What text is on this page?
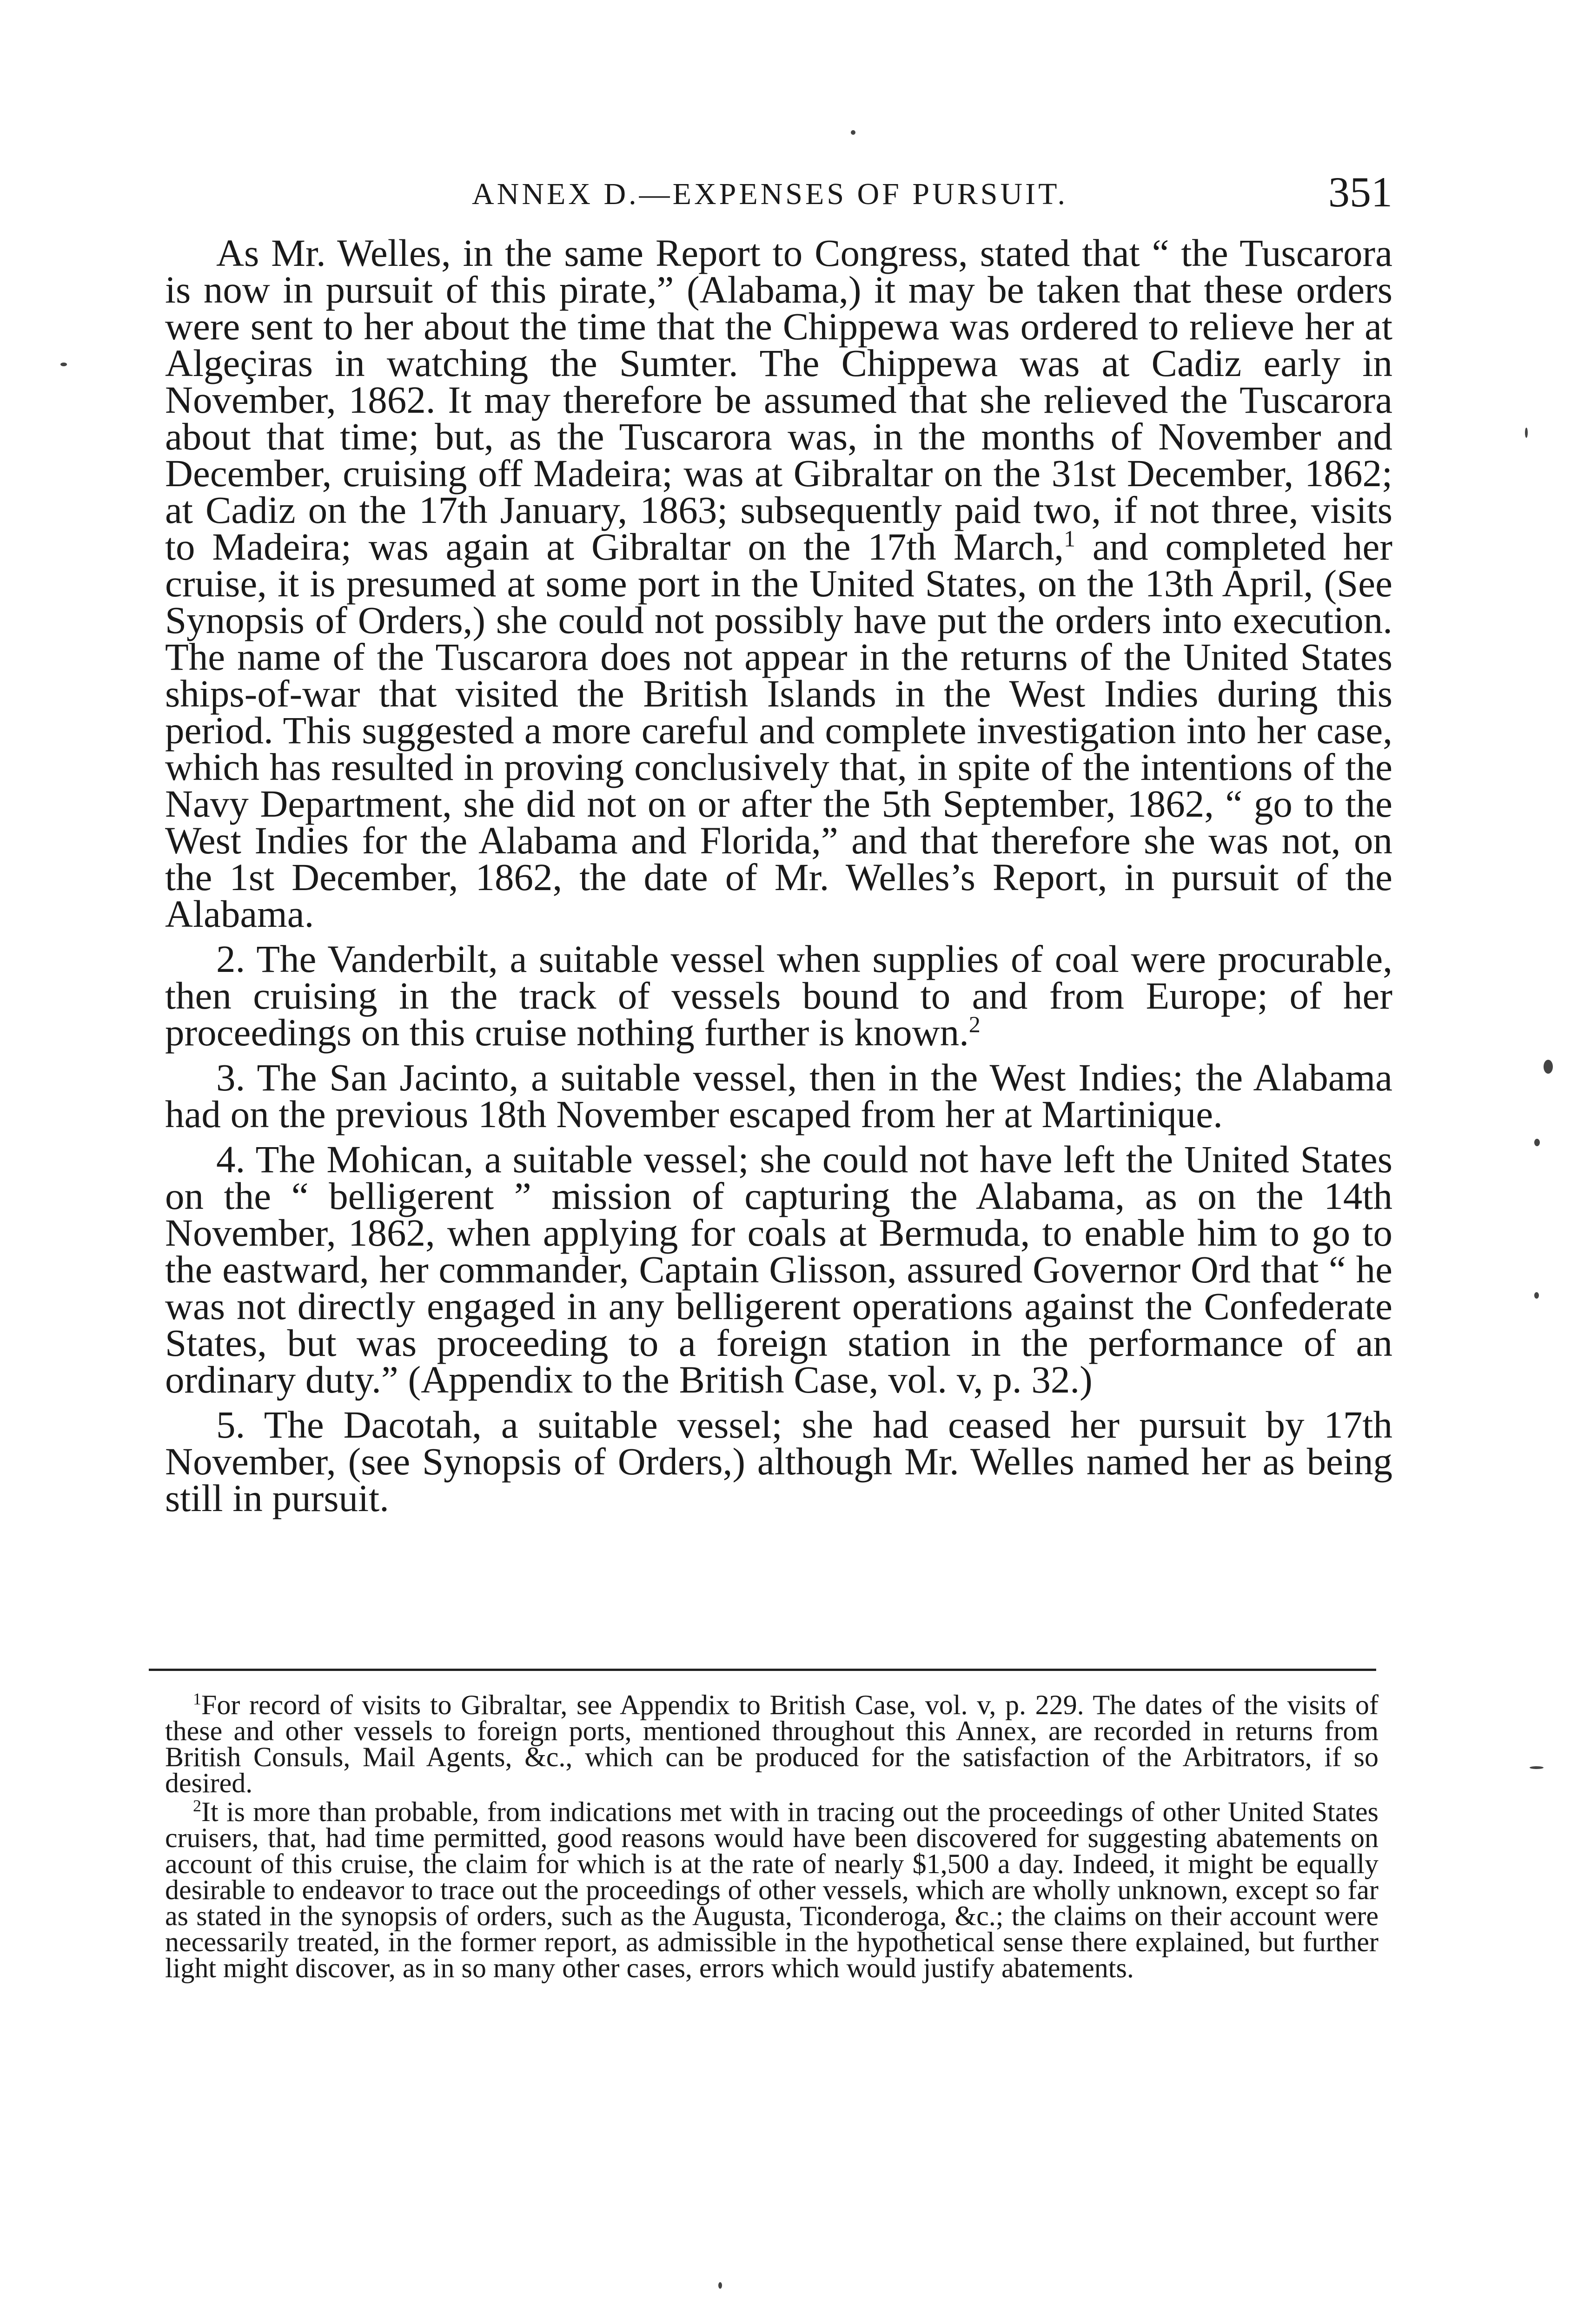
ANNEX D.—EXPENSES OF PURSUIT.	351

As Mr. Welles, in the same Report to Congress, stated that “ the Tuscarora is now in pursuit of this pirate,” (Alabama,) it may be taken that these orders were sent to her about the time that the Chippewa was ordered to relieve her at Algeçiras in watching the Sumter. The Chippewa was at Cadiz early in November, 1862. It may therefore be assumed that she relieved the Tuscarora about that time; but, as the Tuscarora was, in the months of November and December, cruising off Madeira; was at Gibraltar on the 31st December, 1862; at Cadiz on the 17th January, 1863; subsequently paid two, if not three, visits to Madeira; was again at Gibraltar on the 17th March,$^1$ and completed her cruise, it is presumed at some port in the United States, on the 13th April, (See Synopsis of Orders,) she could not possibly have put the orders into execution. The name of the Tuscarora does not appear in the returns of the United States ships-of-war that visited the British Islands in the West Indies during this period. This suggested a more careful and complete investigation into her case, which has resulted in proving conclusively that, in spite of the intentions of the Navy Department, she did not on or after the 5th September, 1862, “ go to the West Indies for the Alabama and Florida,” and that therefore she was not, on the 1st December, 1862, the date of Mr. Welles’s Report, in pursuit of the Alabama.

2. The Vanderbilt, a suitable vessel when supplies of coal were procurable, then cruising in the track of vessels bound to and from Europe; of her proceedings on this cruise nothing further is known.$^2$

3. The San Jacinto, a suitable vessel, then in the West Indies; the Alabama had on the previous 18th November escaped from her at Martinique.

4. The Mohican, a suitable vessel; she could not have left the United States on the “ belligerent ” mission of capturing the Alabama, as on the 14th November, 1862, when applying for coals at Bermuda, to enable him to go to the eastward, her commander, Captain Glisson, assured Governor Ord that “ he was not directly engaged in any belligerent operations against the Confederate States, but was proceeding to a foreign station in the performance of an ordinary duty.” (Appendix to the British Case, vol. v, p. 32.)

5. The Dacotah, a suitable vessel; she had ceased her pursuit by 17th November, (see Synopsis of Orders,) although Mr. Welles named her as being still in pursuit.

$^1$For record of visits to Gibraltar, see Appendix to British Case, vol. v, p. 229. The dates of the visits of these and other vessels to foreign ports, mentioned throughout this Annex, are recorded in returns from British Consuls, Mail Agents, &c., which can be produced for the satisfaction of the Arbitrators, if so desired.

$^2$It is more than probable, from indications met with in tracing out the proceedings of other United States cruisers, that, had time permitted, good reasons would have been discovered for suggesting abatements on account of this cruise, the claim for which is at the rate of nearly $1,500 a day. Indeed, it might be equally desirable to endeavor to trace out the proceedings of other vessels, which are wholly unknown, except so far as stated in the synopsis of orders, such as the Augusta, Ticonderoga, &c.; the claims on their account were necessarily treated, in the former report, as admissible in the hypothetical sense there explained, but further light might discover, as in so many other cases, errors which would justify abatements.
